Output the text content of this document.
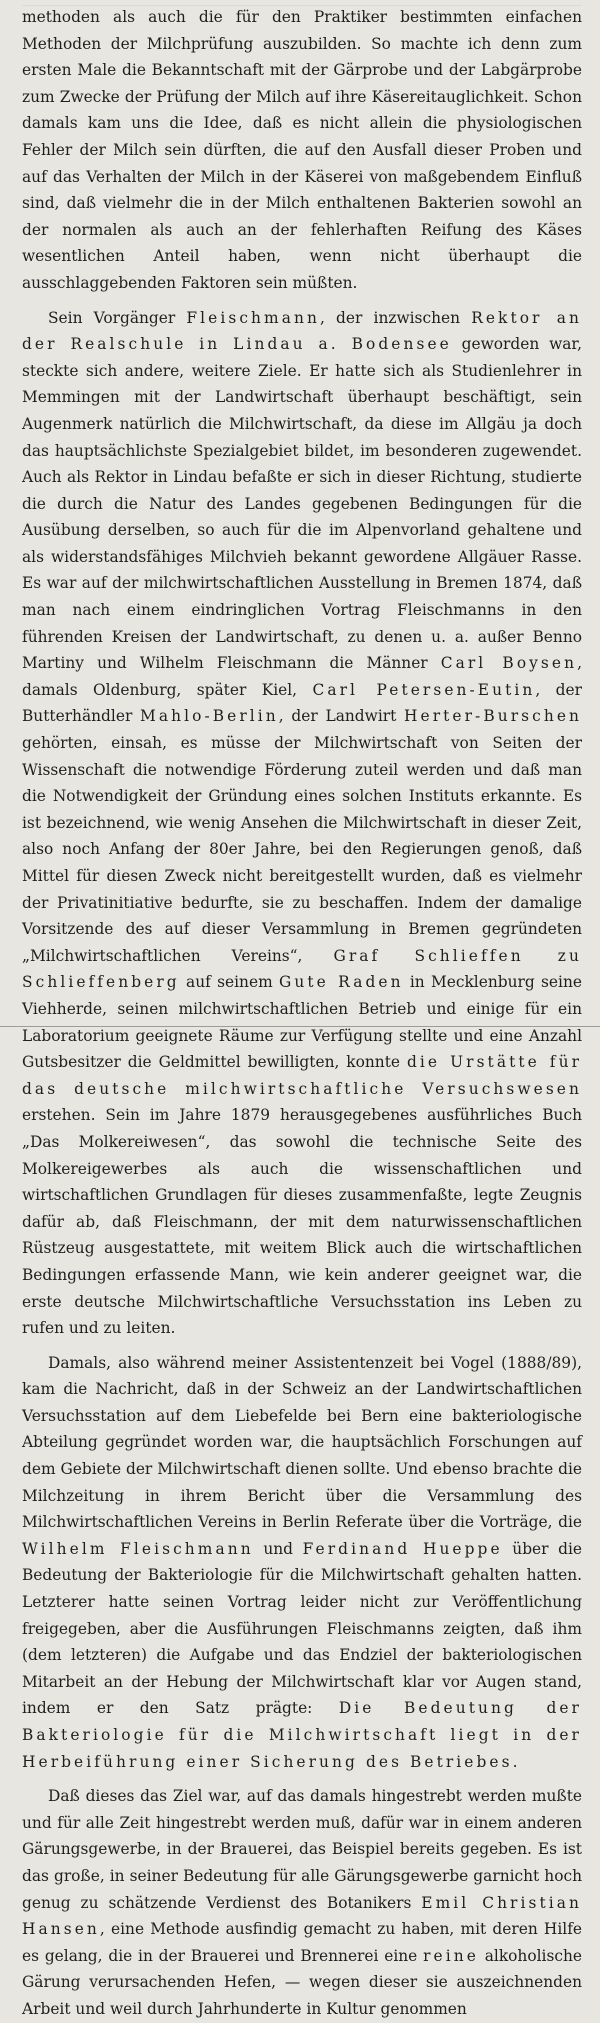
methoden als auch die für den Praktiker bestimmten einfachen Methoden der Milchprüfung auszubilden. So machte ich denn zum ersten Male die Bekanntschaft mit der Gärprobe und der Labgärprobe zum Zwecke der Prüfung der Milch auf ihre Käsereitauglichkeit. Schon damals kam uns die Idee, daß es nicht allein die physiologischen Fehler der Milch sein dürften, die auf den Ausfall dieser Proben und auf das Verhalten der Milch in der Käserei von maßgebendem Einfluß sind, daß vielmehr die in der Milch enthaltenen Bakterien sowohl an der normalen als auch an der fehlerhaften Reifung des Käses wesentlichen Anteil haben, wenn nicht überhaupt die ausschlaggebenden Faktoren sein müßten.

Sein Vorgänger Fleischmann, der inzwischen Rektor an der Realschule in Lindau a. Bodensee geworden war, steckte sich andere, weitere Ziele. Er hatte sich als Studienlehrer in Memmingen mit der Landwirtschaft überhaupt beschäftigt, sein Augenmerk natürlich die Milchwirtschaft, da diese im Allgäu ja doch das hauptsächlichste Spezialgebiet bildet, im besonderen zugewendet. Auch als Rektor in Lindau befaßte er sich in dieser Richtung, studierte die durch die Natur des Landes gegebenen Bedingungen für die Ausübung derselben, so auch für die im Alpenvorland gehaltene und als widerstandsfähiges Milchvieh bekannt gewordene Allgäuer Rasse. Es war auf der milchwirtschaftlichen Ausstellung in Bremen 1874, daß man nach einem eindringlichen Vortrag Fleischmanns in den führenden Kreisen der Landwirtschaft, zu denen u. a. außer Benno Martiny und Wilhelm Fleischmann die Männer Carl Boysen, damals Oldenburg, später Kiel, Carl Petersen-Eutin, der Butterhändler Mahlo-Berlin, der Landwirt Herter-Burschen gehörten, einsah, es müsse der Milchwirtschaft von Seiten der Wissenschaft die notwendige Förderung zuteil werden und daß man die Notwendigkeit der Gründung eines solchen Instituts erkannte. Es ist bezeichnend, wie wenig Ansehen die Milchwirtschaft in dieser Zeit, also noch Anfang der 80er Jahre, bei den Regierungen genoß, daß Mittel für diesen Zweck nicht bereitgestellt wurden, daß es vielmehr der Privatinitiative bedurfte, sie zu beschaffen. Indem der damalige Vorsitzende des auf dieser Versammlung in Bremen gegründeten „Milchwirtschaftlichen Vereins“, Graf Schlieffen zu Schlieffenberg auf seinem Gute Raden in Mecklenburg seine Viehherde, seinen milchwirtschaftlichen Betrieb und einige für ein Laboratorium geeignete Räume zur Verfügung stellte und eine Anzahl Gutsbesitzer die Geldmittel bewilligten, konnte die Urstätte für das deutsche milchwirtschaftliche Versuchswesen erstehen. Sein im Jahre 1879 herausgegebenes ausführliches Buch „Das Molkereiwesen“, das sowohl die technische Seite des Molkereigewerbes als auch die wissenschaftlichen und wirtschaftlichen Grundlagen für dieses zusammenfaßte, legte Zeugnis dafür ab, daß Fleischmann, der mit dem naturwissenschaftlichen Rüstzeug ausgestattete, mit weitem Blick auch die wirtschaftlichen Bedingungen erfassende Mann, wie kein anderer geeignet war, die erste deutsche Milchwirtschaftliche Versuchsstation ins Leben zu rufen und zu leiten.

Damals, also während meiner Assistentenzeit bei Vogel (1888/89), kam die Nachricht, daß in der Schweiz an der Landwirtschaftlichen Versuchsstation auf dem Liebefelde bei Bern eine bakteriologische Abteilung gegründet worden war, die hauptsächlich Forschungen auf dem Gebiete der Milchwirtschaft dienen sollte. Und ebenso brachte die Milchzeitung in ihrem Bericht über die Versammlung des Milchwirtschaftlichen Vereins in Berlin Referate über die Vorträge, die Wilhelm Fleischmann und Ferdinand Hueppe über die Bedeutung der Bakteriologie für die Milchwirtschaft gehalten hatten. Letzterer hatte seinen Vortrag leider nicht zur Veröffentlichung freigegeben, aber die Ausführungen Fleischmanns zeigten, daß ihm (dem letzteren) die Aufgabe und das Endziel der bakteriologischen Mitarbeit an der Hebung der Milchwirtschaft klar vor Augen stand, indem er den Satz prägte: Die Bedeutung der Bakteriologie für die Milchwirtschaft liegt in der Herbeiführung einer Sicherung des Betriebes.

Daß dieses das Ziel war, auf das damals hingestrebt werden mußte und für alle Zeit hingestrebt werden muß, dafür war in einem anderen Gärungsgewerbe, in der Brauerei, das Beispiel bereits gegeben. Es ist das große, in seiner Bedeutung für alle Gärungsgewerbe garnicht hoch genug zu schätzende Verdienst des Botanikers Emil Christian Hansen, eine Methode ausfindig gemacht zu haben, mit deren Hilfe es gelang, die in der Brauerei und Brennerei eine reine alkoholische Gärung verursachenden Hefen, — wegen dieser sie auszeichnenden Arbeit und weil durch Jahrhunderte in Kultur genommen
